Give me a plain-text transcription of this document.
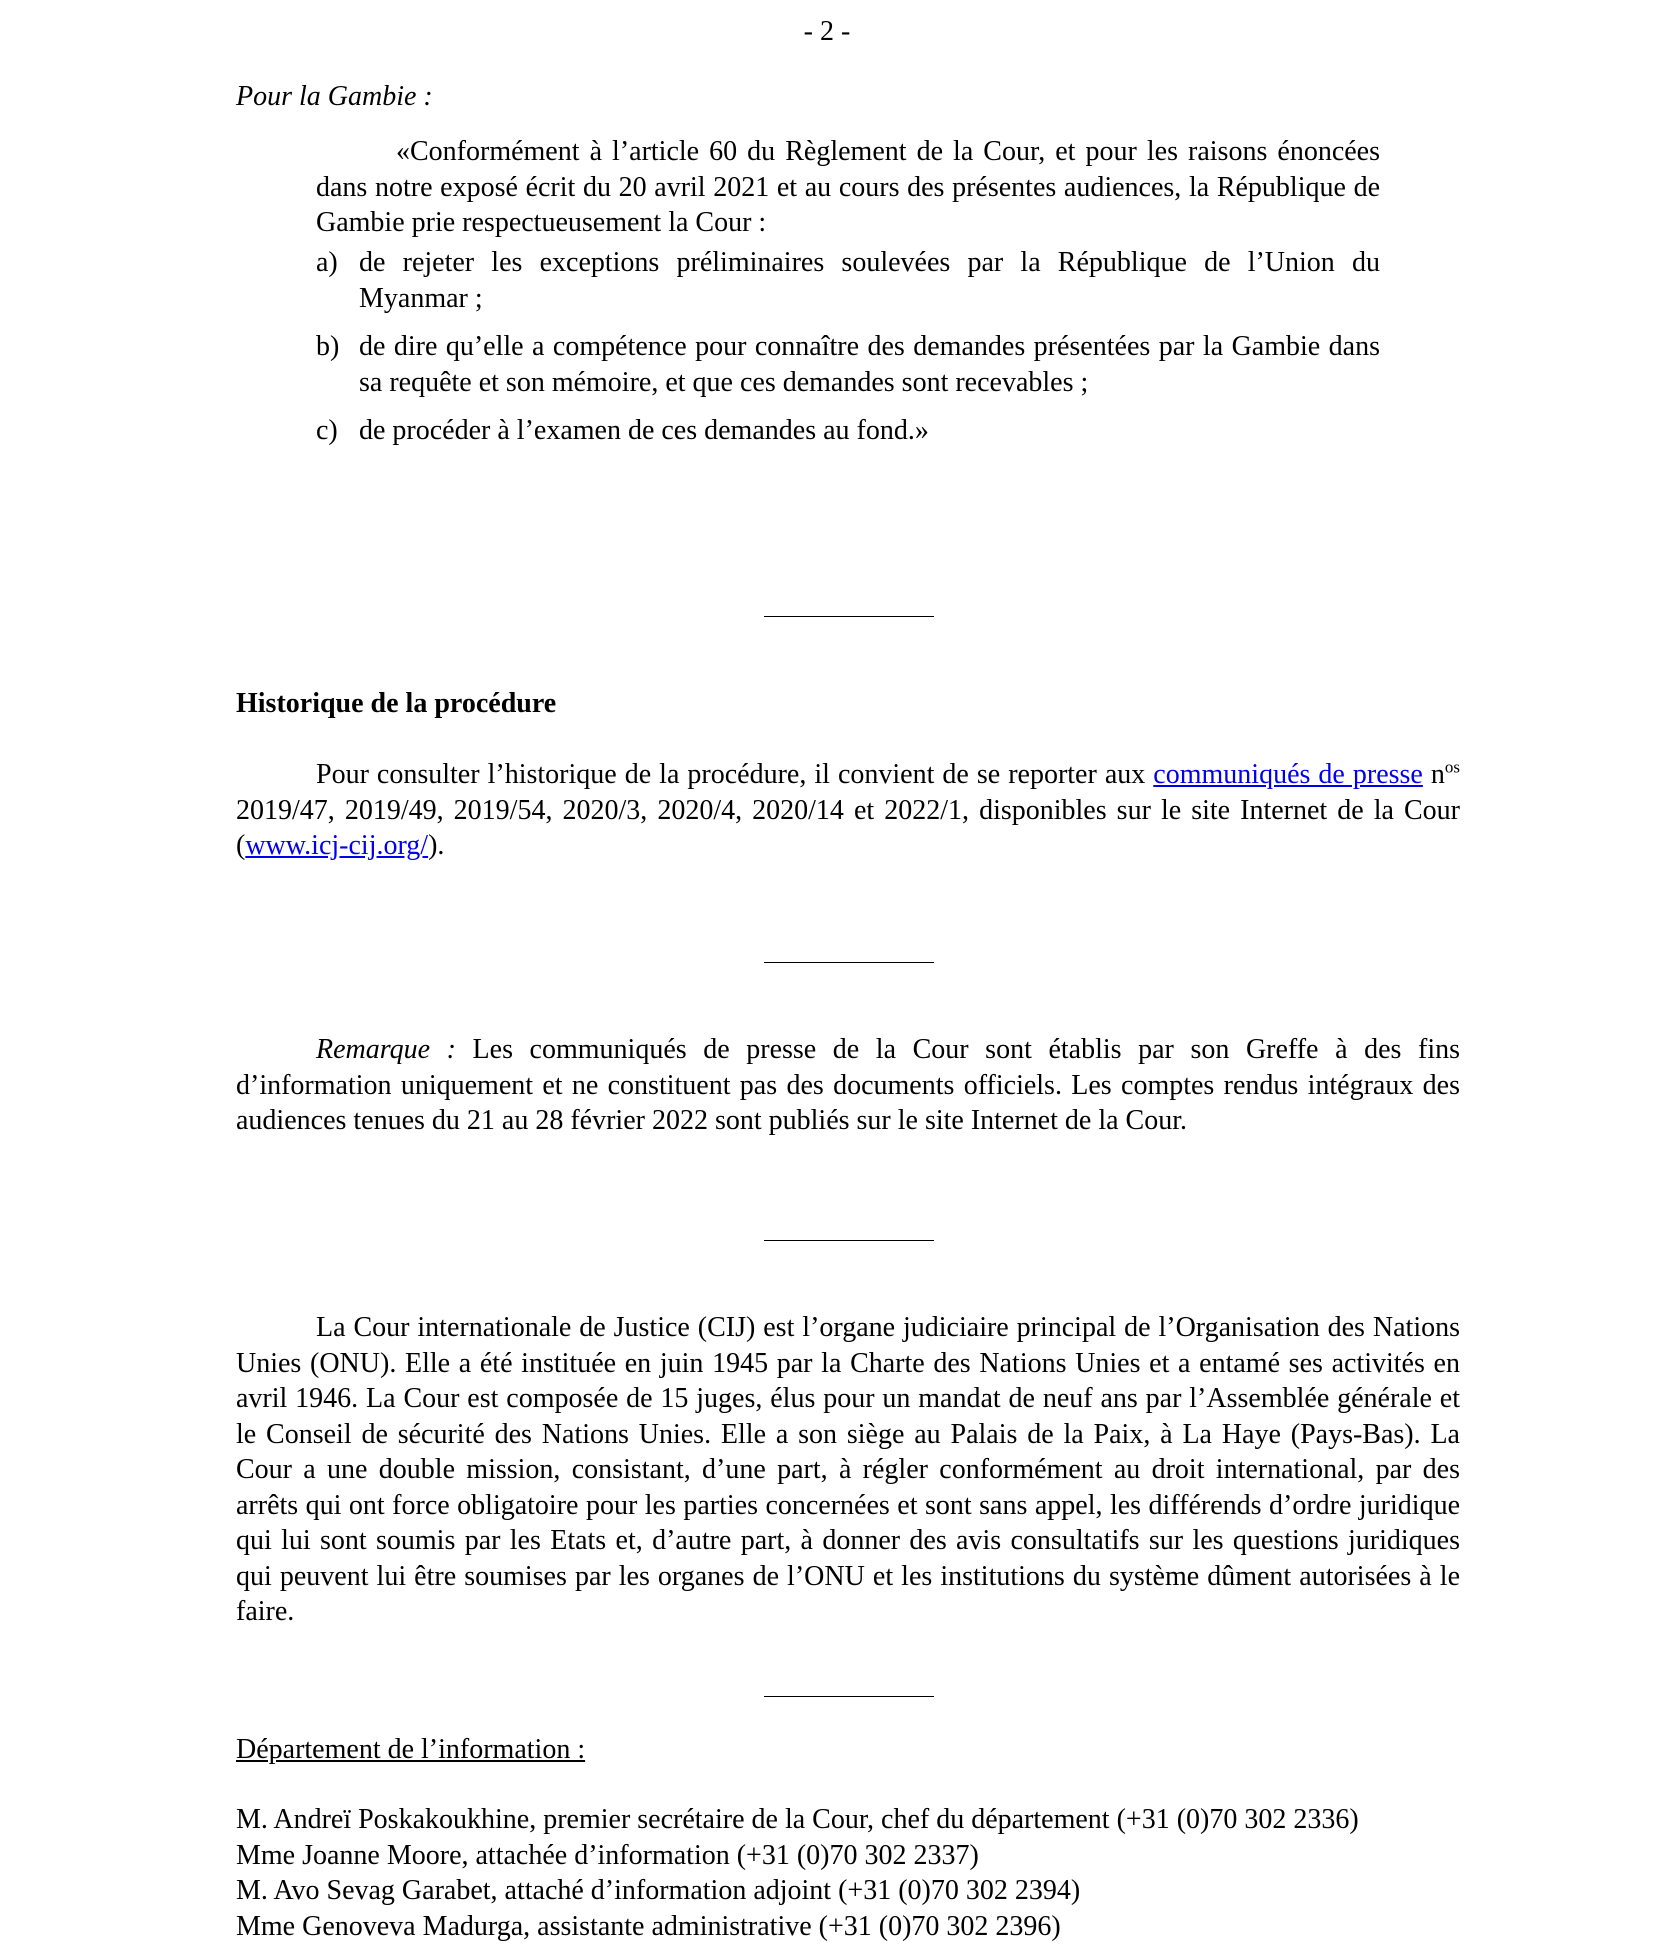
- 2 -
Pour la Gambie :
«Conformément à l’article 60 du Règlement de la Cour, et pour les raisons énoncées dans notre exposé écrit du 20 avril 2021 et au cours des présentes audiences, la République de Gambie prie respectueusement la Cour :
a) de rejeter les exceptions préliminaires soulevées par la République de l’Union du Myanmar ;
b) de dire qu’elle a compétence pour connaître des demandes présentées par la Gambie dans sa requête et son mémoire, et que ces demandes sont recevables ;
c) de procéder à l’examen de ces demandes au fond.»
Historique de la procédure
Pour consulter l’historique de la procédure, il convient de se reporter aux communiqués de presse $n^{os}$ 2019/47, 2019/49, 2019/54, 2020/3, 2020/4, 2020/14 et 2022/1, disponibles sur le site Internet de la Cour (www.icj-cij.org/).
Remarque : Les communiqués de presse de la Cour sont établis par son Greffe à des fins d’information uniquement et ne constituent pas des documents officiels. Les comptes rendus intégraux des audiences tenues du 21 au 28 février 2022 sont publiés sur le site Internet de la Cour.
La Cour internationale de Justice (CIJ) est l’organe judiciaire principal de l’Organisation des Nations Unies (ONU). Elle a été instituée en juin 1945 par la Charte des Nations Unies et a entamé ses activités en avril 1946. La Cour est composée de 15 juges, élus pour un mandat de neuf ans par l’Assemblée générale et le Conseil de sécurité des Nations Unies. Elle a son siège au Palais de la Paix, à La Haye (Pays-Bas). La Cour a une double mission, consistant, d’une part, à régler conformément au droit international, par des arrêts qui ont force obligatoire pour les parties concernées et sont sans appel, les différends d’ordre juridique qui lui sont soumis par les Etats et, d’autre part, à donner des avis consultatifs sur les questions juridiques qui peuvent lui être soumises par les organes de l’ONU et les institutions du système dûment autorisées à le faire.
Département de l’information :
M. Andreï Poskakoukhine, premier secrétaire de la Cour, chef du département (+31 (0)70 302 2336)
Mme Joanne Moore, attachée d’information (+31 (0)70 302 2337)
M. Avo Sevag Garabet, attaché d’information adjoint (+31 (0)70 302 2394)
Mme Genoveva Madurga, assistante administrative (+31 (0)70 302 2396)
